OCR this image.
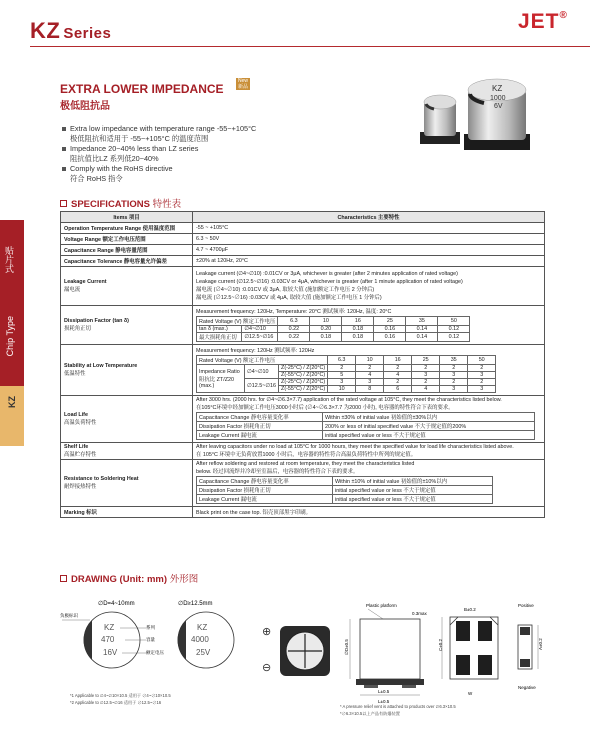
KZ Series
JET®
贴片式
Chip Type
KZ
EXTRA LOWER IMPEDANCE
New 新品
极低阻抗品
Extra low impedance with temperature range -55~+105°C
极低阻抗和适用于 -55~+105°C 的温度范围
Impedance 20~40% less than LZ series
阻抗值比LZ 系列低20~40%
Comply with the RoHS directive
符合 RoHS 指令
KZ
1000
6V
SPECIFICATIONS 特性表
Items 项目	Characteristics 主要特性
Operation Temperature Range 使用温度范围	-55 ~ +105°C
Voltage Range 额定工作电压范围	6.3 ~ 50V
Capacitance Range 静电容量范围	4.7 ~ 4700μF
Capacitance Tolerance 静电容量允许偏差	±20% at 120Hz, 20°C
Leakage Current
漏电流

Leakage current (∅4~∅10) :0.01CV or 3μA, whichever is greater (after 2 minutes application of rated voltage)
Leakage current (∅12.5~∅16) :0.03CV or 4μA, whichever is greater (after 1 minute application of rated voltage)
漏电流 (∅4~∅10) :0.01CV 或 3μA, 取较大值 (施加额定工作电压 2 分钟后)
漏电流 (∅12.5~∅16) :0.03CV 或 4μA, 取较大值 (施加额定工作电压 1 分钟后)

Dissipation Factor (tan δ)
损耗角正切

Measurement frequency: 120Hz, Temperature: 20°C 测试频率: 120Hz, 温度: 20°C
Rated Voltage (V) 额定工作电压	6.3	10	16	25	35	50
tan δ (max.)	∅4~∅10	0.22	0.20	0.18	0.16	0.14	0.12
最大损耗角正切	∅12.5~∅16	0.22	0.18	0.18	0.16	0.14	0.12

Stability at Low Temperature
低温特性

Measurement frequency: 120Hz 测试频率: 120Hz
Rated Voltage (V) 额定工作电压	6.3	10	16	25	35	50
Impedance Ratio 阻抗比 ZT/Z20 (max.)	∅4~∅10	Z(-25°C) / Z(20°C)	2	2	2	2	2	2
Z(-55°C) / Z(20°C)	5	4	4	3	3	3
∅12.5~∅16	Z(-25°C) / Z(20°C)	3	3	2	2	2	2
Z(-55°C) / Z(20°C)	10	8	6	4	3	3

Load Life
高温负荷特性

After 3000 hrs. (2000 hrs. for ∅4~∅6.3×7.7) application of the rated voltage at 105°C, they meet the characteristics listed below.
在105°C环境中经加额定工作电压3000小时后 (∅4~∅6.3×7.7 为2000 小时), 电容器的特性符合下表的要求。
Capacitance Change 静电容量变化率	Within ±30% of initial value 初始值的±30%以内
Dissipation Factor 损耗角正切	200% or less of initial specified value 不大于规定值的200%
Leakage Current 漏电流	initial specified value or less 不大于规定值

Shelf Life
高温贮存特性

After leaving capacitors under no load at 105°C for 1000 hours, they meet the specified value for load life characteristics listed above.
在 105°C 环境中无负荷放置1000 小时后，电容器的特性符合高温负荷特性中所列的规定值。

Resistance to Soldering Heat
耐焊接热特性

After reflow soldering and restored at room temperature, they meet the characteristics listed
below. 经过回流焊并冷却至室温后，电容器的特性符合下表的要求。
Capacitance Change 静电容量变化率	Within ±10% of initial value 初始值的±10%以内
Dissipation Factor 损耗角正切	initial specified value or less 不大于规定值
Leakage Current 漏电流	initial specified value or less 不大于规定值

Marking 标识	Black print on the case top. 铝壳顶部黑字印刷。
DRAWING (Unit: mm) 外形图
∅D=4~10mm
KZ
470
16V
负极标识
系列
容量
额定电压
∅D≥12.5mm
KZ
4000
25V
*1 Applicable to ∅4~∅10×10.5 适用于 ∅4~∅10×10.5
*2 Applicable to ∅12.5~∅16 适用于 ∅12.5~∅16
⊕
⊖
Plastic platform
0.3max
∅D±0.5
L±0.5
L±0.5
C±0.2
B±0.2
W
A±0.2
Positive
Negative
* A pressure relief vent is attached to products over ∅6.3×10.5
*∅6.3×10.5以上产品有防爆装置
